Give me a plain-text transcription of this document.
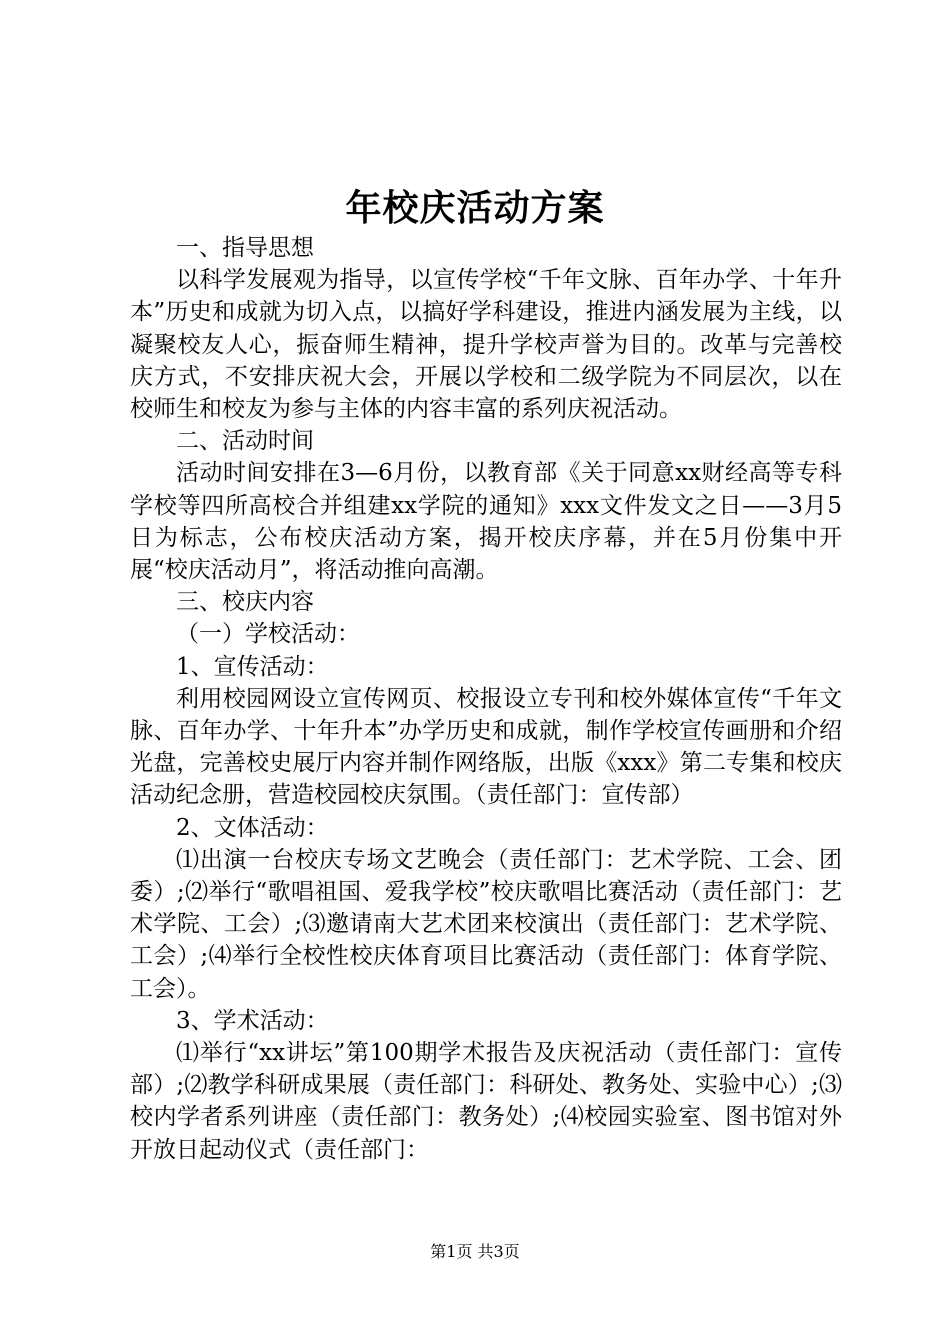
年校庆活动方案

一、指导思想

以科学发展观为指导，以宣传学校“千年文脉、百年办学、十年升本”历史和成就为切入点，以搞好学科建设，推进内涵发展为主线，以凝聚校友人心，振奋师生精神，提升学校声誉为目的。改革与完善校庆方式，不安排庆祝大会，开展以学校和二级学院为不同层次，以在校师生和校友为参与主体的内容丰富的系列庆祝活动。

二、活动时间

活动时间安排在3—6月份，以教育部《关于同意xx财经高等专科学校等四所高校合并组建xx学院的通知》xxx文件发文之日——3月5日为标志，公布校庆活动方案，揭开校庆序幕，并在5月份集中开展“校庆活动月”，将活动推向高潮。

三、校庆内容

（一）学校活动：

1、宣传活动：

利用校园网设立宣传网页、校报设立专刊和校外媒体宣传“千年文脉、百年办学、十年升本”办学历史和成就，制作学校宣传画册和介绍光盘，完善校史展厅内容并制作网络版，出版《xxx》第二专集和校庆活动纪念册，营造校园校庆氛围。（责任部门：宣传部）

2、文体活动：

⑴出演一台校庆专场文艺晚会（责任部门：艺术学院、工会、团委）;⑵举行“歌唱祖国、爱我学校”校庆歌唱比赛活动（责任部门：艺术学院、工会）;⑶邀请南大艺术团来校演出（责任部门：艺术学院、工会）;⑷举行全校性校庆体育项目比赛活动（责任部门：体育学院、工会）。

3、学术活动：

⑴举行“xx讲坛”第100期学术报告及庆祝活动（责任部门：宣传部）;⑵教学科研成果展（责任部门：科研处、教务处、实验中心）;⑶校内学者系列讲座（责任部门：教务处）;⑷校园实验室、图书馆对外开放日起动仪式（责任部门：

第1页 共3页
